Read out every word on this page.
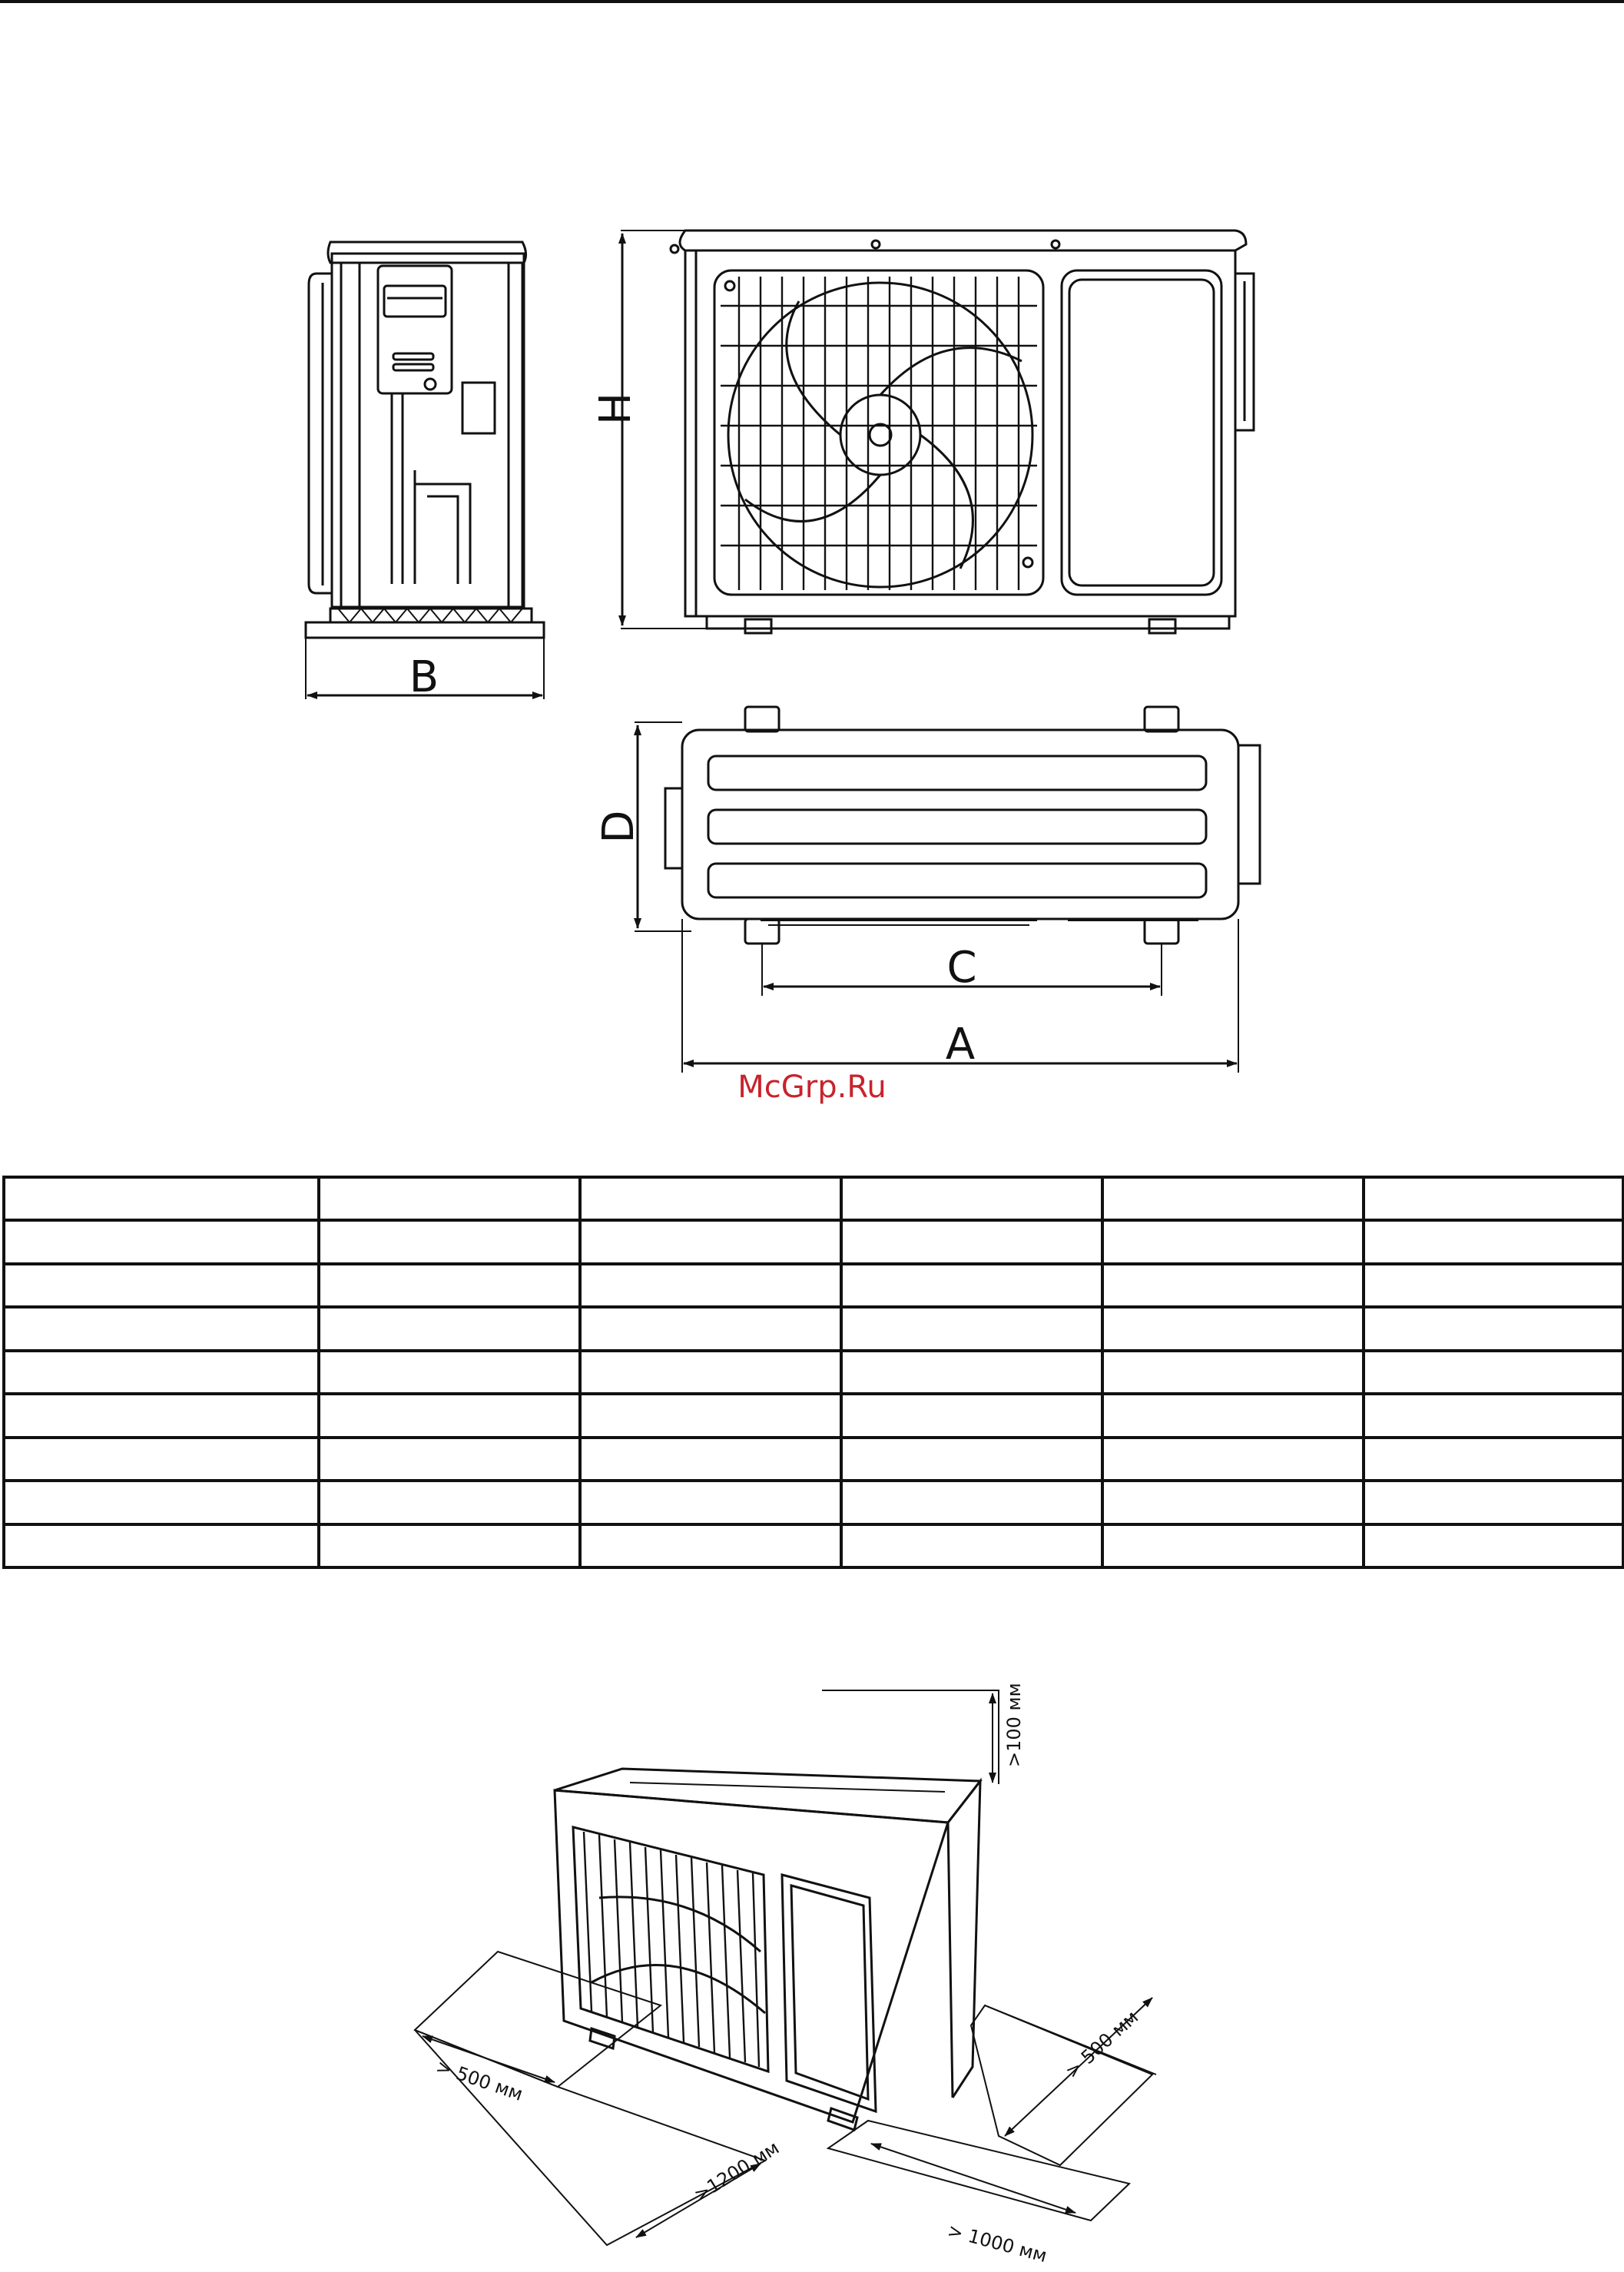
B
H
D
C
A
>100 мм
> 500 мм	> 500 мм
>1200 мм
> 1000 мм
McGrp.Ru
